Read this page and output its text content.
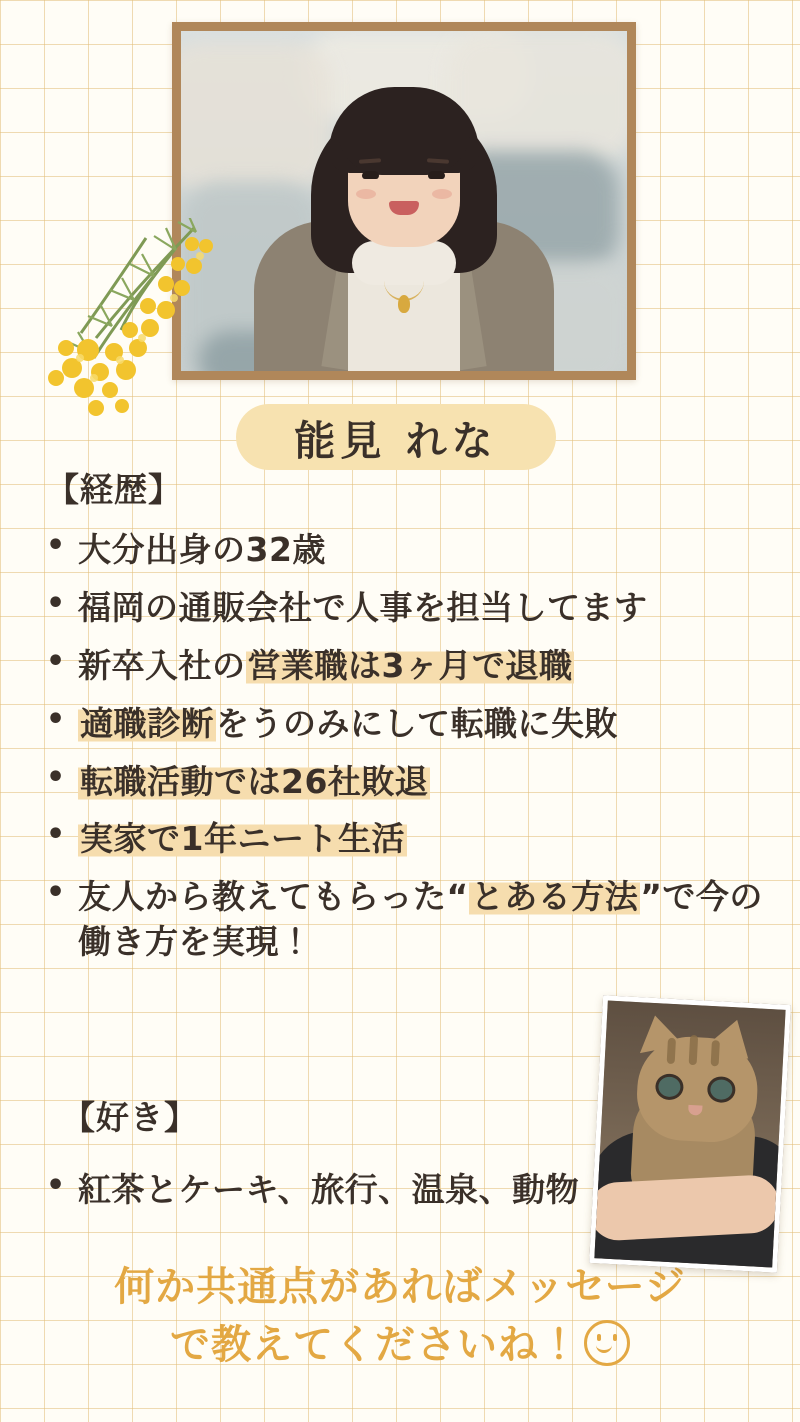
能見 れな
【経歴】
• 大分出身の32歳
• 福岡の通販会社で人事を担当してます
• 新卒入社の営業職は3ヶ月で退職
• 適職診断をうのみにして転職に失敗
• 転職活動では26社敗退
• 実家で1年ニート生活
• 友人から教えてもらった“とある方法”で今の
働き方を実現！
【好き】
• 紅茶とケーキ、旅行、温泉、動物
何か共通点があればメッセージ
で教えてくださいね！
